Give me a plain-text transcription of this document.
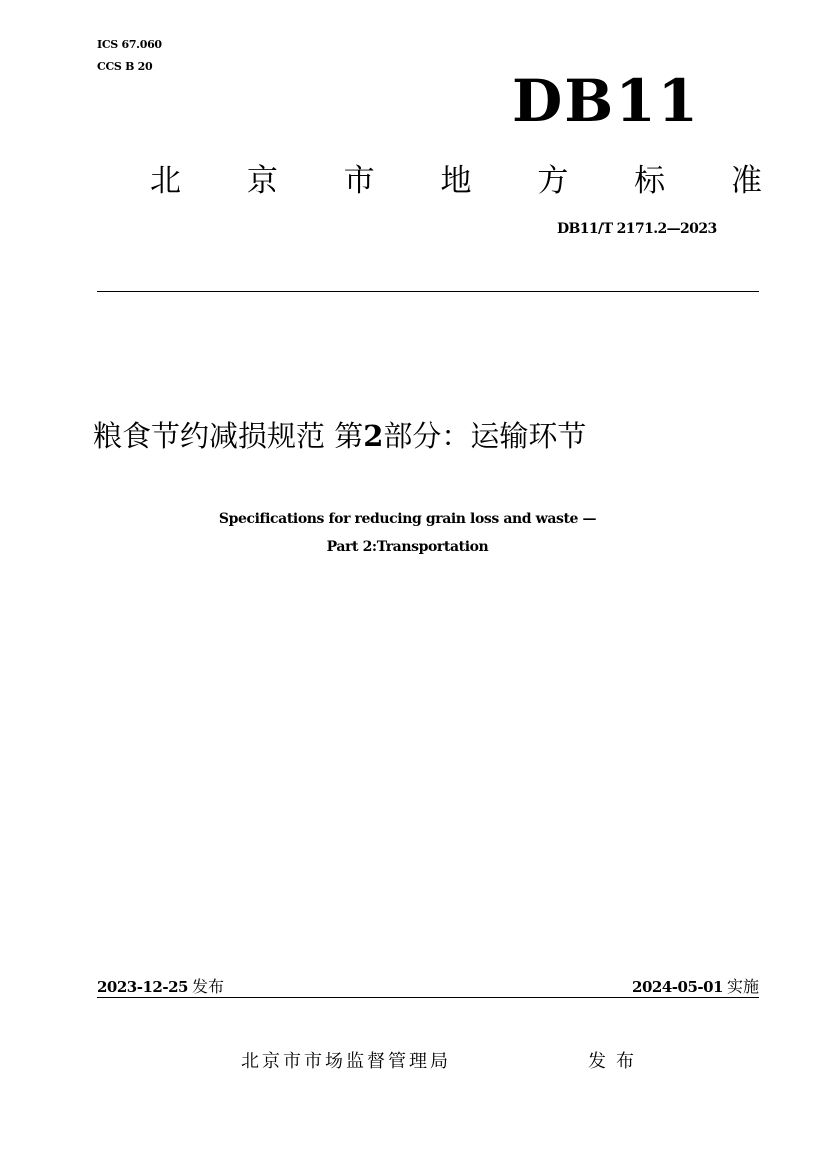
ICS 67.060
CCS B 20
DB11
北 京 市 地 方 标 准
DB11/T 2171.2—2023
粮食节约减损规范 第2部分：运输环节
Specifications for reducing grain loss and waste —
Part 2:Transportation
2023-12-25 发布	2024-05-01 实施
北京市市场监督管理局	发布
